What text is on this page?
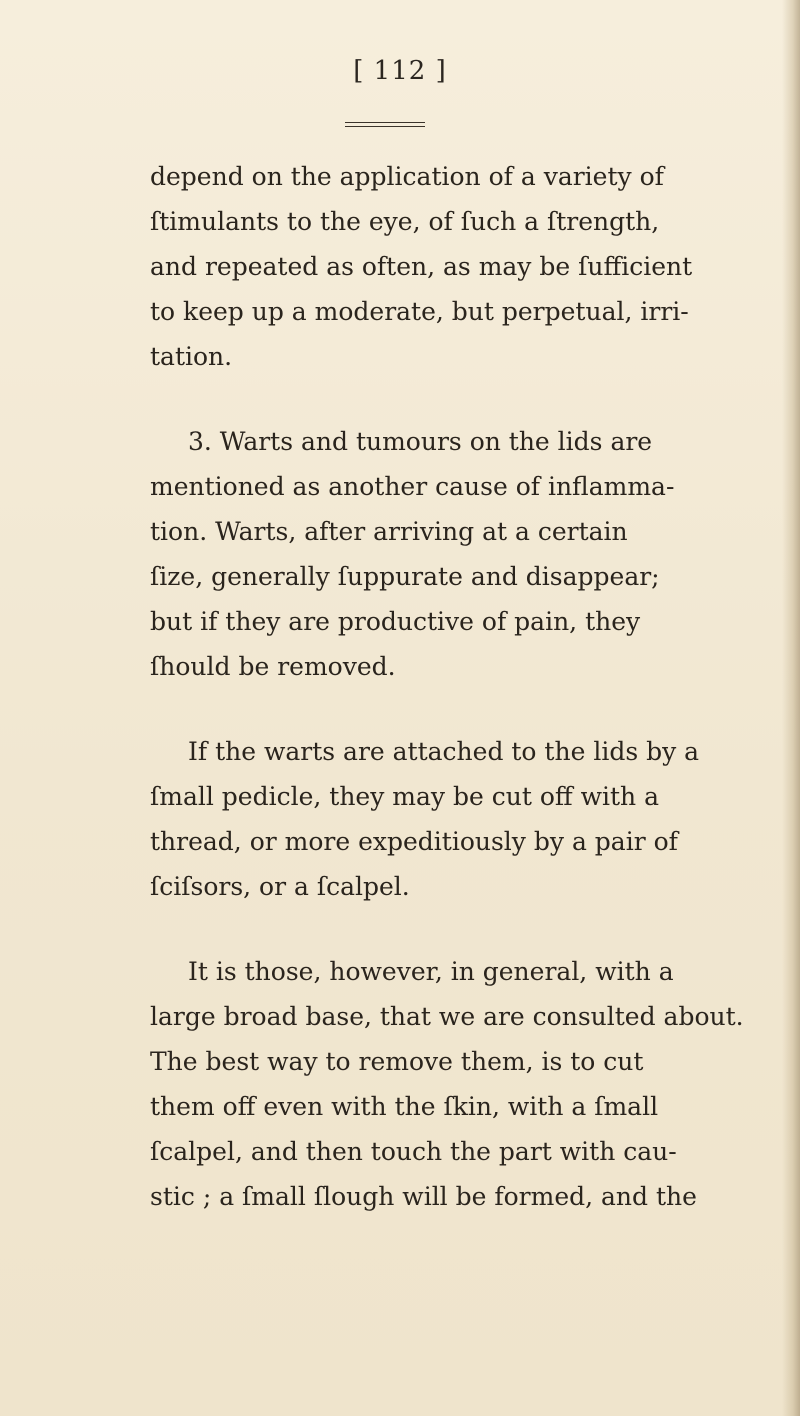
[ 112 ]
depend on the application of a variety of
ſtimulants to the eye, of ſuch a ſtrength,
and repeated as often, as may be ſufficient
to keep up a moderate, but perpetual, irri-
tation.
3. Warts and tumours on the lids are
mentioned as another cause of inflamma-
tion. Warts, after arriving at a certain
ſize, generally ſuppurate and disappear;
but if they are productive of pain, they
ſhould be removed.
If the warts are attached to the lids by a
ſmall pedicle, they may be cut off with a
thread, or more expeditiously by a pair of
ſciſsors, or a ſcalpel.
It is those, however, in general, with a
large broad base, that we are consulted about.
The best way to remove them, is to cut
them off even with the ſkin, with a ſmall
ſcalpel, and then touch the part with cau-
stic ; a ſmall ſlough will be formed, and the
